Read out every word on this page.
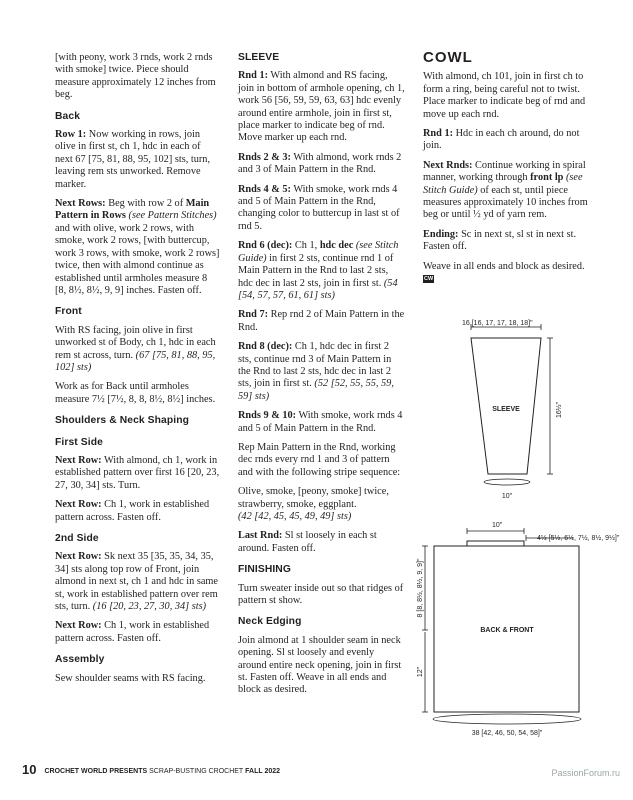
[with peony, work 3 rnds, work 2 rnds with smoke] twice. Piece should measure approximately 12 inches from beg.

Back

Row 1: Now working in rows, join olive in first st, ch 1, hdc in each of next 67 [75, 81, 88, 95, 102] sts, turn, leaving rem sts unworked. Remove marker.

Next Rows: Beg with row 2 of Main Pattern in Rows (see Pattern Stitches) and with olive, work 2 rows, with smoke, work 2 rows, [with buttercup, work 3 rows, with smoke, work 2 rows] twice, then with almond continue as established until armholes measure 8 [8, 8½, 8½, 9, 9] inches. Fasten off.

Front

With RS facing, join olive in first unworked st of Body, ch 1, hdc in each rem st across, turn. (67 [75, 81, 88, 95, 102] sts)

Work as for Back until armholes measure 7½ [7½, 8, 8, 8½, 8½] inches.

Shoulders & Neck Shaping
First Side

Next Row: With almond, ch 1, work in established pattern over first 16 [20, 23, 27, 30, 34] sts. Turn.

Next Row: Ch 1, work in established pattern across. Fasten off.

2nd Side

Next Row: Sk next 35 [35, 35, 34, 35, 34] sts along top row of Front, join almond in next st, ch 1 and hdc in same st, work in established pattern over rem sts, turn. (16 [20, 23, 27, 30, 34] sts)

Next Row: Ch 1, work in established pattern across. Fasten off.

Assembly

Sew shoulder seams with RS facing.

SLEEVE

Rnd 1: With almond and RS facing, join in bottom of armhole opening, ch 1, work 56 [56, 59, 59, 63, 63] hdc evenly around entire armhole, join in first st, place marker to indicate beg of rnd. Move marker up each rnd.

Rnds 2 & 3: With almond, work rnds 2 and 3 of Main Pattern in the Rnd.

Rnds 4 & 5: With smoke, work rnds 4 and 5 of Main Pattern in the Rnd, changing color to buttercup in last st of rnd 5.

Rnd 6 (dec): Ch 1, hdc dec (see Stitch Guide) in first 2 sts, continue rnd 1 of Main Pattern in the Rnd to last 2 sts, hdc dec in last 2 sts, join in first st. (54 [54, 57, 57, 61, 61] sts)

Rnd 7: Rep rnd 2 of Main Pattern in the Rnd.

Rnd 8 (dec): Ch 1, hdc dec in first 2 sts, continue rnd 3 of Main Pattern in the Rnd to last 2 sts, hdc dec in last 2 sts, join in first st. (52 [52, 55, 55, 59, 59] sts)

Rnds 9 & 10: With smoke, work rnds 4 and 5 of Main Pattern in the Rnd.

Rep Main Pattern in the Rnd, working dec rnds every rnd 1 and 3 of pattern and with the following stripe sequence:

Olive, smoke, [peony, smoke] twice, strawberry, smoke, eggplant.
(42 [42, 45, 45, 49, 49] sts)

Last Rnd: Sl st loosely in each st around. Fasten off.

FINISHING

Turn sweater inside out so that ridges of pattern st show.

Neck Edging

Join almond at 1 shoulder seam in neck opening. Sl st loosely and evenly around entire neck opening, join in first st. Fasten off. Weave in all ends and block as desired.

COWL

With almond, ch 101, join in first ch to form a ring, being careful not to twist. Place marker to indicate beg of rnd and move up each rnd.

Rnd 1: Hdc in each ch around, do not join.

Next Rnds: Continue working in spiral manner, working through front lp (see Stitch Guide) of each st, until piece measures approximately 10 inches from beg or until ½ yd of yarn rem.

Ending: Sc in next st, sl st in next st. Fasten off.

Weave in all ends and block as desired. CW

16 [16, 17, 17, 18, 18]"
SLEEVE	16½"
10"
10"
4½ [5½, 6½, 7½, 8½, 9½]"
BACK & FRONT
8 [8, 8½, 8½, 9, 9]"
12"
38 [42, 46, 50, 54, 58]"
10 CROCHET WORLD PRESENTS SCRAP-BUSTING CROCHET FALL 2022	PassionForum.ru
